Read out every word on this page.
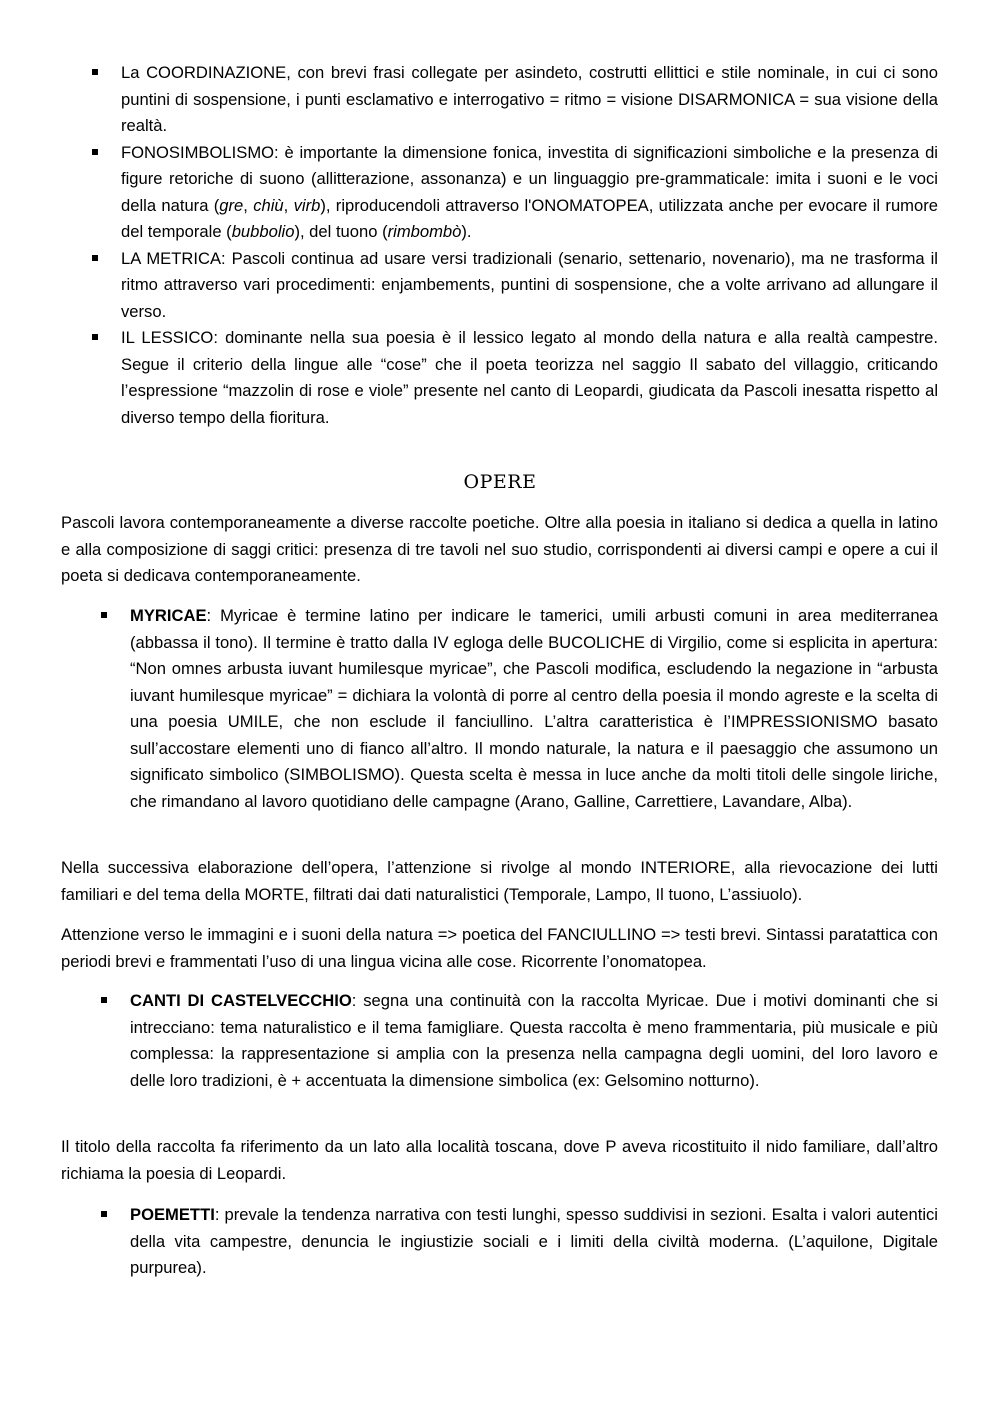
La COORDINAZIONE, con brevi frasi collegate per asindeto, costrutti ellittici e stile nominale, in cui ci sono puntini di sospensione, i punti esclamativo e interrogativo = ritmo = visione DISARMONICA = sua visione della realtà.
FONOSIMBOLISMO: è importante la dimensione fonica, investita di significazioni simboliche e la presenza di figure retoriche di suono (allitterazione, assonanza) e un linguaggio pre-grammaticale: imita i suoni e le voci della natura (gre, chiù, virb), riproducendoli attraverso l'ONOMATOPEA, utilizzata anche per evocare il rumore del temporale (bubbolio), del tuono (rimbombò).
LA METRICA: Pascoli continua ad usare versi tradizionali (senario, settenario, novenario), ma ne trasforma il ritmo attraverso vari procedimenti: enjambements, puntini di sospensione, che a volte arrivano ad allungare il verso.
IL LESSICO: dominante nella sua poesia è il lessico legato al mondo della natura e alla realtà campestre. Segue il criterio della lingue alle “cose” che il poeta teorizza nel saggio Il sabato del villaggio, criticando l’espressione “mazzolin di rose e viole” presente nel canto di Leopardi, giudicata da Pascoli inesatta rispetto al diverso tempo della fioritura.
OPERE

Pascoli lavora contemporaneamente a diverse raccolte poetiche. Oltre alla poesia in italiano si dedica a quella in latino e alla composizione di saggi critici: presenza di tre tavoli nel suo studio, corrispondenti ai diversi campi e opere a cui il poeta si dedicava contemporaneamente.

MYRICAE: Myricae è termine latino per indicare le tamerici, umili arbusti comuni in area mediterranea (abbassa il tono). Il termine è tratto dalla IV egloga delle BUCOLICHE di Virgilio, come si esplicita in apertura: “Non omnes arbusta iuvant humilesque myricae”, che Pascoli modifica, escludendo la negazione in “arbusta iuvant humilesque myricae” = dichiara la volontà di porre al centro della poesia il mondo agreste e la scelta di una poesia UMILE, che non esclude il fanciullino. L’altra caratteristica è l’IMPRESSIONISMO basato sull’accostare elementi uno di fianco all’altro. Il mondo naturale, la natura e il paesaggio che assumono un significato simbolico (SIMBOLISMO). Questa scelta è messa in luce anche da molti titoli delle singole liriche, che rimandano al lavoro quotidiano delle campagne (Arano, Galline, Carrettiere, Lavandare, Alba).

Nella successiva elaborazione dell’opera, l’attenzione si rivolge al mondo INTERIORE, alla rievocazione dei lutti familiari e del tema della MORTE, filtrati dai dati naturalistici (Temporale, Lampo, Il tuono, L’assiuolo).

Attenzione verso le immagini e i suoni della natura => poetica del FANCIULLINO => testi brevi. Sintassi paratattica con periodi brevi e frammentati l’uso di una lingua vicina alle cose. Ricorrente l’onomatopea.

CANTI DI CASTELVECCHIO: segna una continuità con la raccolta Myricae. Due i motivi dominanti che si intrecciano: tema naturalistico e il tema famigliare. Questa raccolta è meno frammentaria, più musicale e più complessa: la rappresentazione si amplia con la presenza nella campagna degli uomini, del loro lavoro e delle loro tradizioni, è + accentuata la dimensione simbolica (ex: Gelsomino notturno).

Il titolo della raccolta fa riferimento da un lato alla località toscana, dove P aveva ricostituito il nido familiare, dall’altro richiama la poesia di Leopardi.

POEMETTI: prevale la tendenza narrativa con testi lunghi, spesso suddivisi in sezioni. Esalta i valori autentici della vita campestre, denuncia le ingiustizie sociali e i limiti della civiltà moderna. (L’aquilone, Digitale purpurea).
